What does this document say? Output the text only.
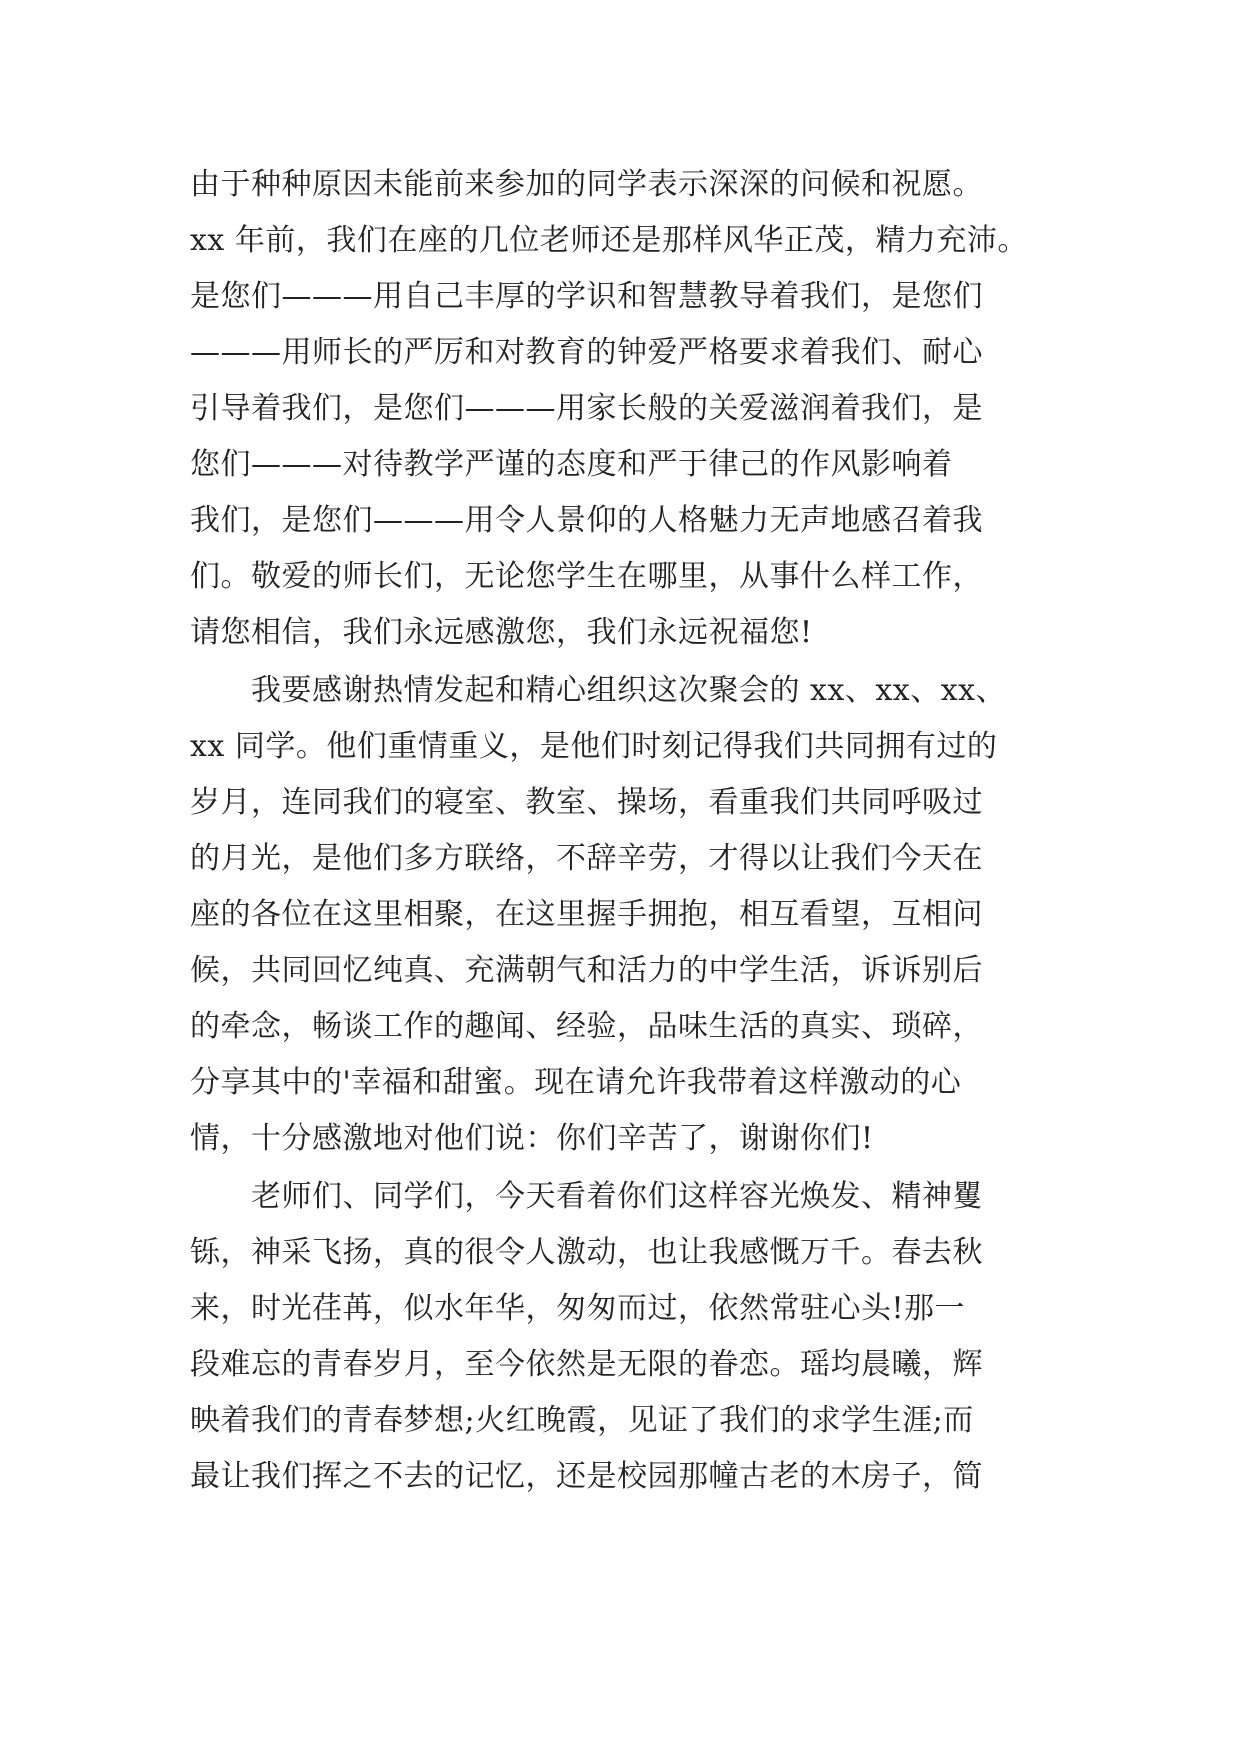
由于种种原因未能前来参加的同学表示深深的问候和祝愿。
xx 年前，我们在座的几位老师还是那样风华正茂，精力充沛。
是您们———用自己丰厚的学识和智慧教导着我们，是您们
———用师长的严厉和对教育的钟爱严格要求着我们、耐心
引导着我们，是您们———用家长般的关爱滋润着我们，是
您们———对待教学严谨的态度和严于律己的作风影响着
我们，是您们———用令人景仰的人格魅力无声地感召着我
们。敬爱的师长们，无论您学生在哪里，从事什么样工作，
请您相信，我们永远感激您，我们永远祝福您!
　　我要感谢热情发起和精心组织这次聚会的 xx、xx、xx、
xx 同学。他们重情重义，是他们时刻记得我们共同拥有过的
岁月，连同我们的寝室、教室、操场，看重我们共同呼吸过
的月光，是他们多方联络，不辞辛劳，才得以让我们今天在
座的各位在这里相聚，在这里握手拥抱，相互看望，互相问
候，共同回忆纯真、充满朝气和活力的中学生活，诉诉别后
的牵念，畅谈工作的趣闻、经验，品味生活的真实、琐碎，
分享其中的'幸福和甜蜜。现在请允许我带着这样激动的心
情，十分感激地对他们说：你们辛苦了，谢谢你们!
　　老师们、同学们，今天看着你们这样容光焕发、精神矍
铄，神采飞扬，真的很令人激动，也让我感慨万千。春去秋
来，时光荏苒，似水年华，匆匆而过，依然常驻心头!那一
段难忘的青春岁月，至今依然是无限的眷恋。瑶均晨曦，辉
映着我们的青春梦想;火红晚霞，见证了我们的求学生涯;而
最让我们挥之不去的记忆，还是校园那幢古老的木房子，简
